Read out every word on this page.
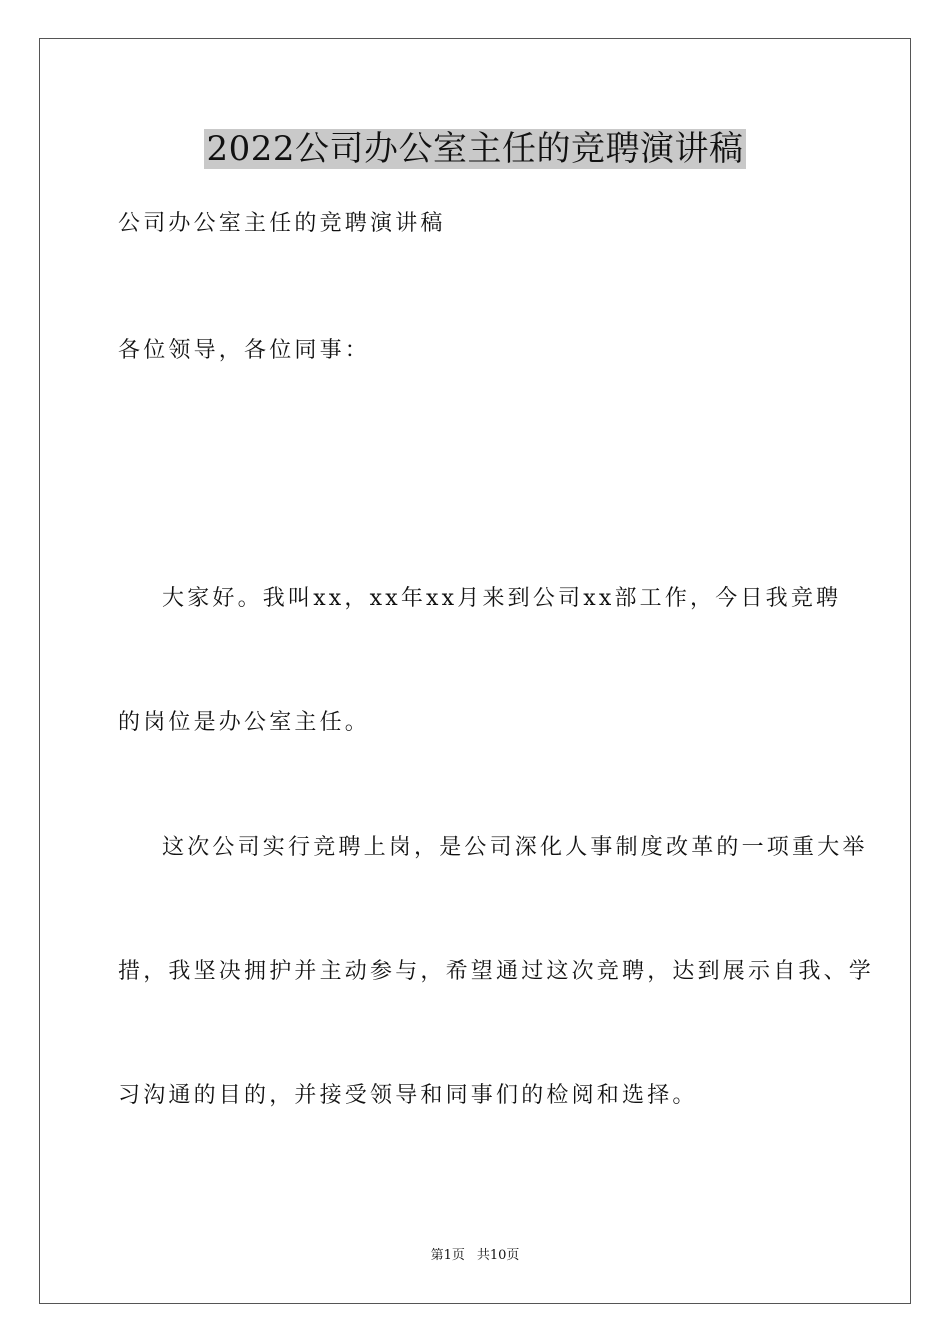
2022公司办公室主任的竞聘演讲稿
公司办公室主任的竞聘演讲稿
各位领导，各位同事：
大家好。我叫xx，xx年xx月来到公司xx部工作，今日我竞聘
的岗位是办公室主任。
这次公司实行竞聘上岗，是公司深化人事制度改革的一项重大举
措，我坚决拥护并主动参与，希望通过这次竞聘，达到展示自我、学
习沟通的目的，并接受领导和同事们的检阅和选择。
第1页 共10页
